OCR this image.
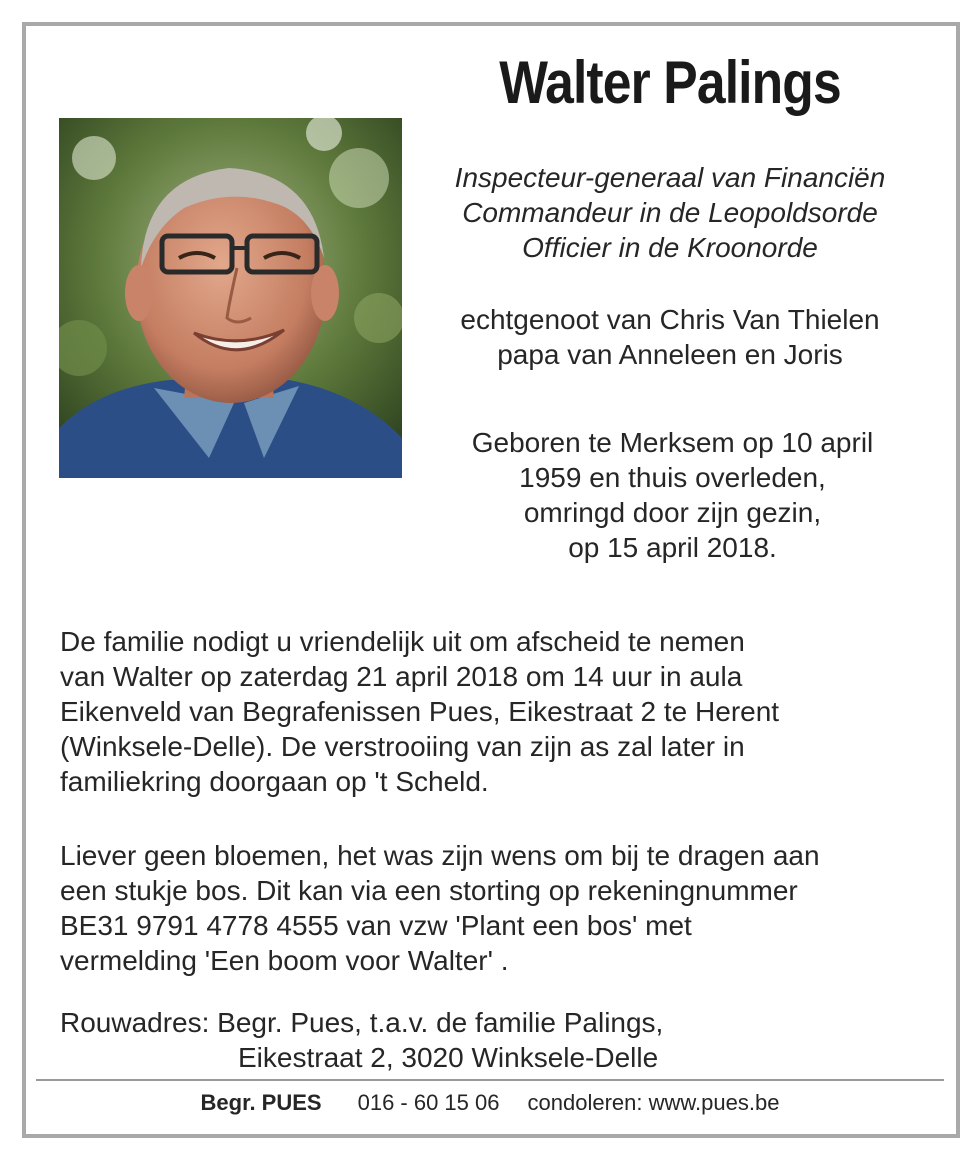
Walter Palings
Inspecteur-generaal van Financiën
Commandeur in de Leopoldsorde
Officier in de Kroonorde
echtgenoot van Chris Van Thielen
papa van Anneleen en Joris
Geboren te Merksem op 10 april
1959 en thuis overleden,
omringd door zijn gezin,
op 15 april 2018.
De familie nodigt u vriendelijk uit om afscheid te nemen
van Walter op zaterdag 21 april 2018 om 14 uur in aula
Eikenveld van Begrafenissen Pues, Eikestraat 2 te Herent
(Winksele-Delle). De verstrooiing van zijn as zal later in
familiekring doorgaan op 't Scheld.
Liever geen bloemen, het was zijn wens om bij te dragen aan
een stukje bos. Dit kan via een storting op rekeningnummer
BE31 9791 4778 4555 van vzw 'Plant een bos' met
vermelding 'Een boom voor Walter' .
Rouwadres: Begr. Pues, t.a.v. de familie Palings,
Eikestraat 2, 3020 Winksele-Delle
Begr. PUES 016 - 60 15 06 condoleren: www.pues.be
